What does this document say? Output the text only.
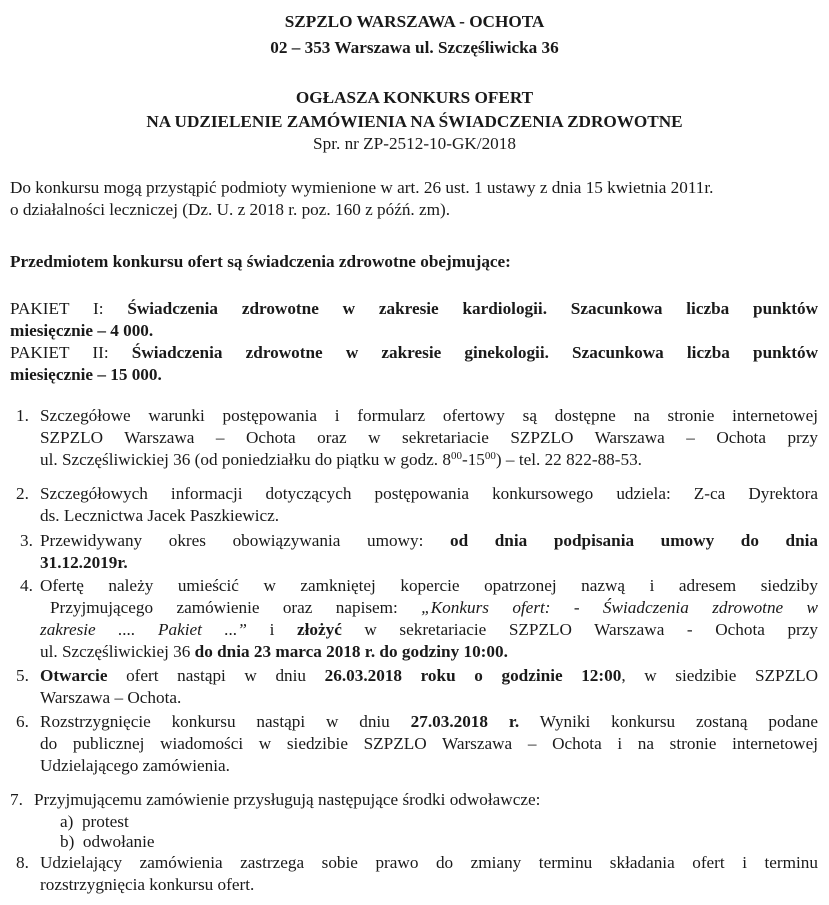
SZPZLO WARSZAWA - OCHOTA

02 – 353 Warszawa ul. Szczęśliwicka 36

OGŁASZA KONKURS OFERT

NA UDZIELENIE ZAMÓWIENIA NA ŚWIADCZENIA ZDROWOTNE

Spr. nr ZP-2512-10-GK/2018

Do konkursu mogą przystąpić podmioty wymienione w art. 26 ust. 1 ustawy z dnia 15 kwietnia 2011r.
o działalności leczniczej (Dz. U. z 2018 r. poz. 160 z późń. zm).

Przedmiotem konkursu ofert są świadczenia zdrowotne obejmujące:

PAKIET I: Świadczenia zdrowotne w zakresie kardiologii. Szacunkowa liczba punktów
miesięcznie – 4 000.
PAKIET II: Świadczenia zdrowotne w zakresie ginekologii. Szacunkowa liczba punktów
miesięcznie – 15 000.
1. Szczegółowe warunki postępowania i formularz ofertowy są dostępne na stronie internetowej
SZPZLO Warszawa – Ochota oraz w sekretariacie SZPZLO Warszawa – Ochota przy
ul. Szczęśliwickiej 36 (od poniedziałku do piątku w godz. $8^{00}-15^{00}$) – tel. 22 822-88-53.
2. Szczegółowych informacji dotyczących postępowania konkursowego udziela: Z-ca Dyrektora
ds. Lecznictwa Jacek Paszkiewicz.
3. Przewidywany okres obowiązywania umowy: od dnia podpisania umowy do dnia
31.12.2019r.
4. Ofertę należy umieścić w zamkniętej kopercie opatrzonej nazwą i adresem siedziby
Przyjmującego zamówienie oraz napisem: „Konkurs ofert: - Świadczenia zdrowotne w
zakresie .... Pakiet ...” i złożyć w sekretariacie SZPZLO Warszawa - Ochota przy
ul. Szczęśliwickiej 36 do dnia 23 marca 2018 r. do godziny 10:00.
5. Otwarcie ofert nastąpi w dniu 26.03.2018 roku o godzinie 12:00, w siedzibie SZPZLO
Warszawa – Ochota.
6. Rozstrzygnięcie konkursu nastąpi w dniu 27.03.2018 r. Wyniki konkursu zostaną podane
do publicznej wiadomości w siedzibie SZPZLO Warszawa – Ochota i na stronie internetowej
Udzielającego zamówienia.
7. Przyjmującemu zamówienie przysługują następujące środki odwoławcze:

a) protest

b) odwołanie

8. Udzielający zamówienia zastrzega sobie prawo do zmiany terminu składania ofert i terminu
rozstrzygnięcia konkursu ofert.
